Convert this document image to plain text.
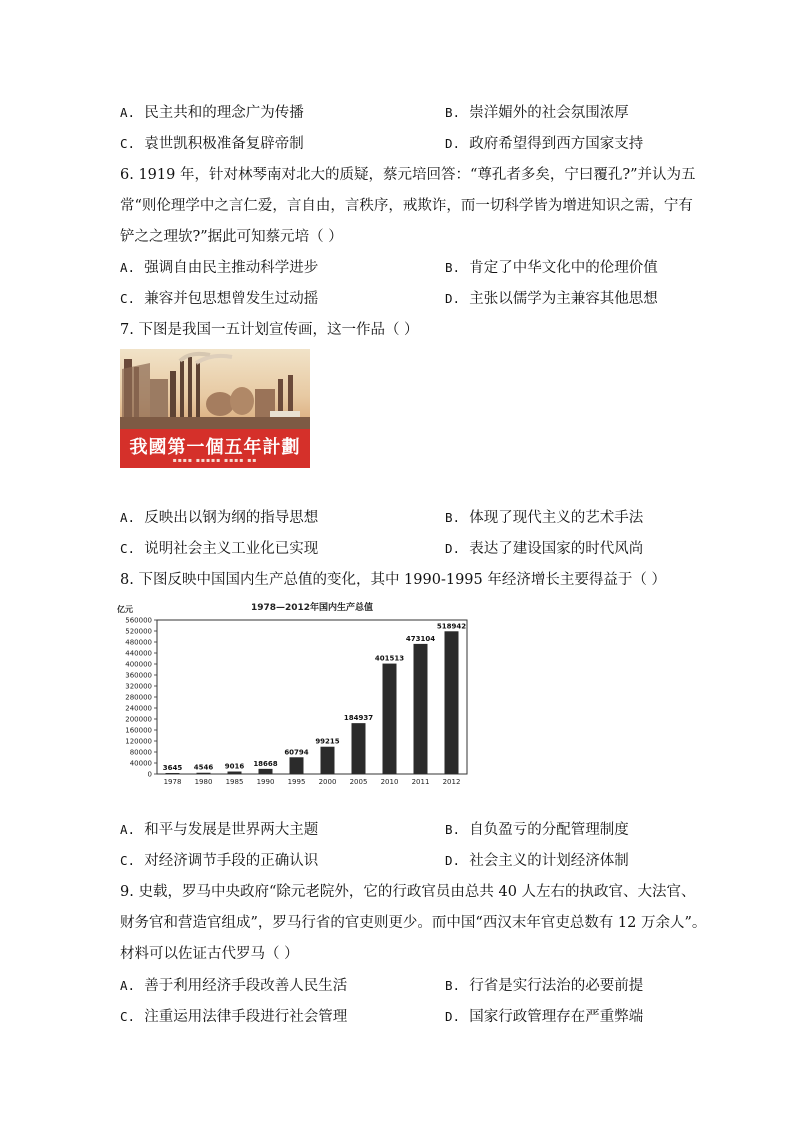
A. 民主共和的理念广为传播	B. 崇洋媚外的社会氛围浓厚
C. 袁世凯积极准备复辟帝制	D. 政府希望得到西方国家支持
6. 1919 年，针对林琴南对北大的质疑，蔡元培回答：“尊孔者多矣，宁曰覆孔?”并认为五
常“则伦理学中之言仁爱，言自由，言秩序，戒欺诈，而一切科学皆为增进知识之需，宁有
铲之之理欤?”据此可知蔡元培（ ）
A. 强调自由民主推动科学进步	B. 肯定了中华文化中的伦理价值
C. 兼容并包思想曾发生过动摇	D. 主张以儒学为主兼容其他思想
7. 下图是我国一五计划宣传画，这一作品（ ）
我國第一個五年計劃
▪▪▪▪ ▪▪▪▪▪ ▪▪▪▪ ▪▪
A. 反映出以钢为纲的指导思想	B. 体现了现代主义的艺术手法
C. 说明社会主义工业化已实现	D. 表达了建设国家的时代风尚
8. 下图反映中国国内生产总值的变化，其中 1990-1995 年经济增长主要得益于（ ）
亿元	1978—2012年国内生产总值
0
40000
80000
120000
160000
200000
240000
280000
320000
360000
400000
440000
480000
520000
560000
3645 4546 9016 18668
60794
99215
184937
401513
473104
518942
1978 1980 1985 1990 1995 2000 2005 2010 2011 2012
A. 和平与发展是世界两大主题	B. 自负盈亏的分配管理制度
C. 对经济调节手段的正确认识	D. 社会主义的计划经济体制
9. 史载，罗马中央政府“除元老院外，它的行政官员由总共 40 人左右的执政官、大法官、
财务官和营造官组成”，罗马行省的官吏则更少。而中国“西汉末年官吏总数有 12 万余人”。
材料可以佐证古代罗马（ ）
A. 善于利用经济手段改善人民生活	B. 行省是实行法治的必要前提
C. 注重运用法律手段进行社会管理	D. 国家行政管理存在严重弊端
